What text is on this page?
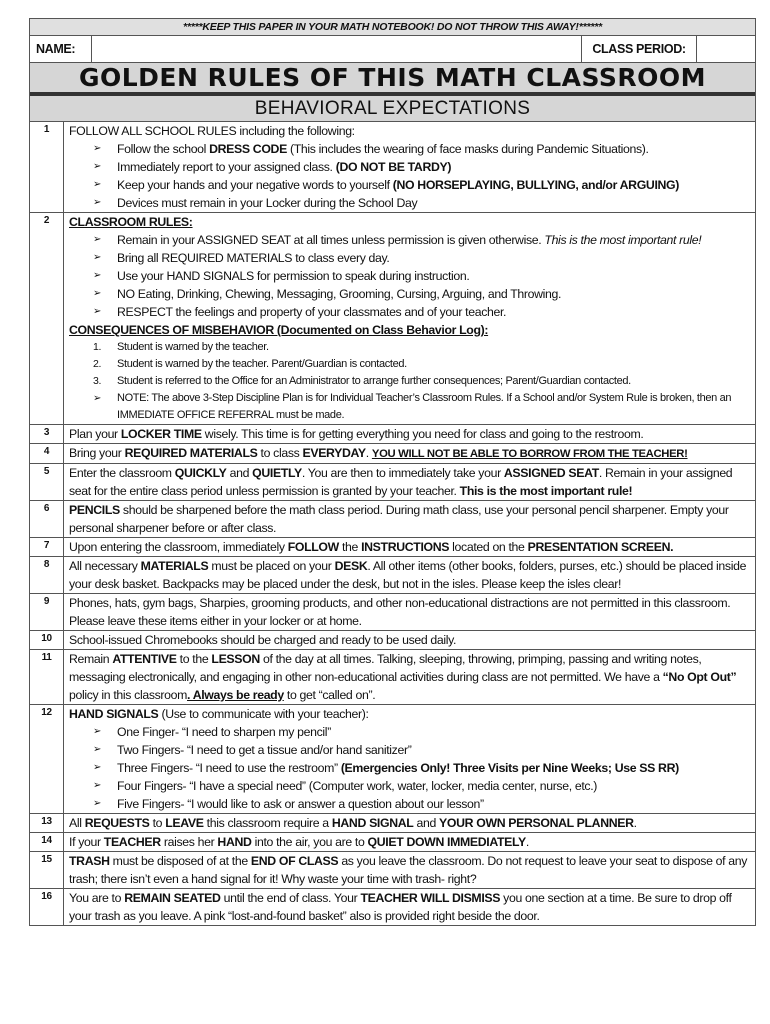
*****KEEP THIS PAPER IN YOUR MATH NOTEBOOK! DO NOT THROW THIS AWAY!******
NAME:	CLASS PERIOD:
GOLDEN RULES OF THIS MATH CLASSROOM
BEHAVIORAL EXPECTATIONS
1	FOLLOW ALL SCHOOL RULES including the following:
➢	Follow the school DRESS CODE (This includes the wearing of face masks during Pandemic Situations).
➢	Immediately report to your assigned class. (DO NOT BE TARDY)
➢	Keep your hands and your negative words to yourself (NO HORSEPLAYING, BULLYING, and/or ARGUING)
➢	Devices must remain in your Locker during the School Day
2	CLASSROOM RULES:
➢	Remain in your ASSIGNED SEAT at all times unless permission is given otherwise. This is the most important rule!
➢	Bring all REQUIRED MATERIALS to class every day.
➢	Use your HAND SIGNALS for permission to speak during instruction.
➢	NO Eating, Drinking, Chewing, Messaging, Grooming, Cursing, Arguing, and Throwing.
➢	RESPECT the feelings and property of your classmates and of your teacher.
CONSEQUENCES OF MISBEHAVIOR (Documented on Class Behavior Log):
1.	Student is warned by the teacher.
2.	Student is warned by the teacher. Parent/Guardian is contacted.
3.	Student is referred to the Office for an Administrator to arrange further consequences; Parent/Guardian contacted.
➢	NOTE: The above 3-Step Discipline Plan is for Individual Teacher’s Classroom Rules. If a School and/or System Rule is broken, then an IMMEDIATE OFFICE REFERRAL must be made.
3	Plan your LOCKER TIME wisely. This time is for getting everything you need for class and going to the restroom.
4	Bring your REQUIRED MATERIALS to class EVERYDAY. YOU WILL NOT BE ABLE TO BORROW FROM THE TEACHER!
5	Enter the classroom QUICKLY and QUIETLY. You are then to immediately take your ASSIGNED SEAT. Remain in your assigned seat for the entire class period unless permission is granted by your teacher. This is the most important rule!
6	PENCILS should be sharpened before the math class period. During math class, use your personal pencil sharpener. Empty your personal sharpener before or after class.
7	Upon entering the classroom, immediately FOLLOW the INSTRUCTIONS located on the PRESENTATION SCREEN.
8	All necessary MATERIALS must be placed on your DESK. All other items (other books, folders, purses, etc.) should be placed inside your desk basket. Backpacks may be placed under the desk, but not in the isles. Please keep the isles clear!
9	Phones, hats, gym bags, Sharpies, grooming products, and other non-educational distractions are not permitted in this classroom. Please leave these items either in your locker or at home.
10	School-issued Chromebooks should be charged and ready to be used daily.
11	Remain ATTENTIVE to the LESSON of the day at all times. Talking, sleeping, throwing, primping, passing and writing notes, messaging electronically, and engaging in other non-educational activities during class are not permitted. We have a “No Opt Out” policy in this classroom. Always be ready to get “called on”.
12	HAND SIGNALS (Use to communicate with your teacher):
➢	One Finger- “I need to sharpen my pencil”
➢	Two Fingers- “I need to get a tissue and/or hand sanitizer”
➢	Three Fingers- “I need to use the restroom” (Emergencies Only! Three Visits per Nine Weeks; Use SS RR)
➢	Four Fingers- “I have a special need” (Computer work, water, locker, media center, nurse, etc.)
➢	Five Fingers- “I would like to ask or answer a question about our lesson”
13	All REQUESTS to LEAVE this classroom require a HAND SIGNAL and YOUR OWN PERSONAL PLANNER.
14	If your TEACHER raises her HAND into the air, you are to QUIET DOWN IMMEDIATELY.
15	TRASH must be disposed of at the END OF CLASS as you leave the classroom. Do not request to leave your seat to dispose of any trash; there isn’t even a hand signal for it! Why waste your time with trash- right?
16	You are to REMAIN SEATED until the end of class. Your TEACHER WILL DISMISS you one section at a time. Be sure to drop off your trash as you leave. A pink “lost-and-found basket” also is provided right beside the door.
